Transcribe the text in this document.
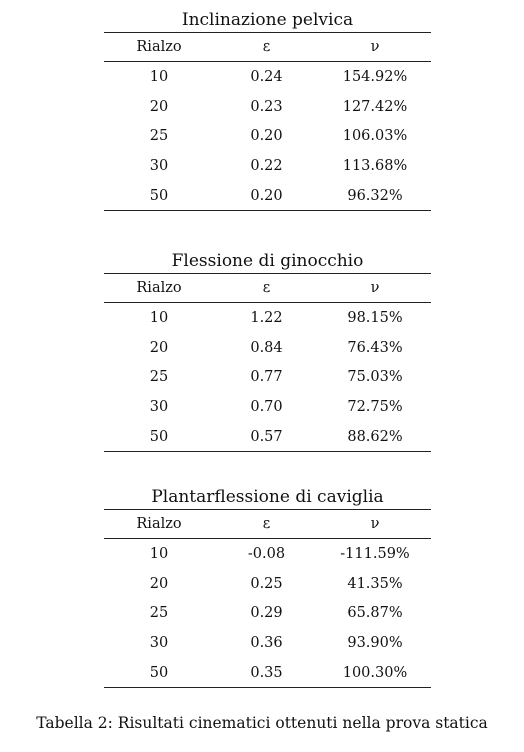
Inclinazione pelvica
Rialzo	ε	ν
10	0.24	154.92%
20	0.23	127.42%
25	0.20	106.03%
30	0.22	113.68%
50	0.20	96.32%
Flessione di ginocchio
Rialzo	ε	ν
10	1.22	98.15%
20	0.84	76.43%
25	0.77	75.03%
30	0.70	72.75%
50	0.57	88.62%
Plantarflessione di caviglia
Rialzo	ε	ν
10	-0.08	-111.59%
20	0.25	41.35%
25	0.29	65.87%
30	0.36	93.90%
50	0.35	100.30%
Tabella 2: Risultati cinematici ottenuti nella prova statica
